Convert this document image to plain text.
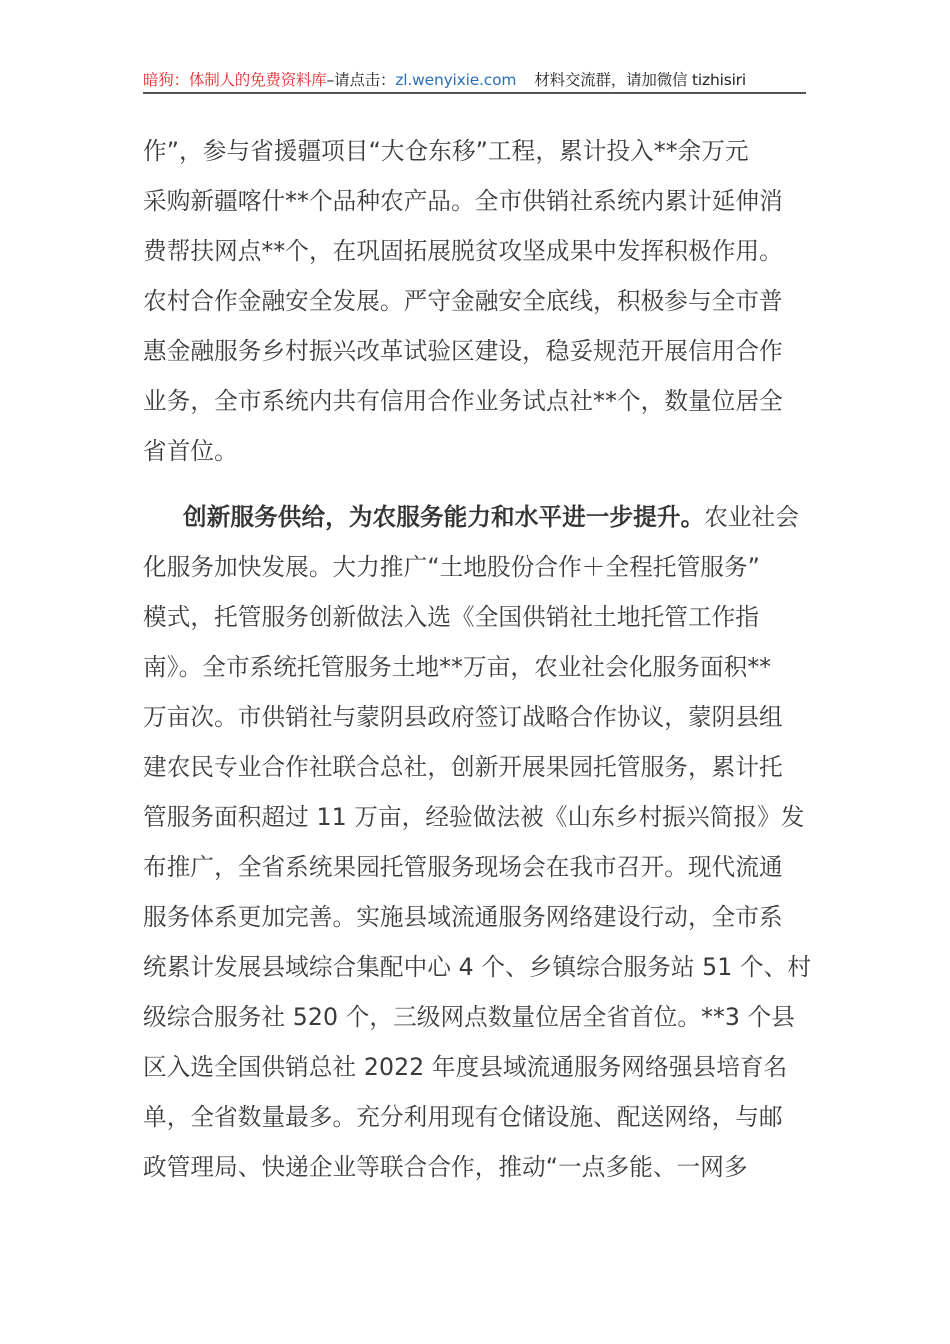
暗狗：体制人的免费资料库–请点击：zl.wenyixie.com 材料交流群，请加微信 tizhisiri
作”，参与省援疆项目“大仓东移”工程，累计投入**余万元
采购新疆喀什**个品种农产品。全市供销社系统内累计延伸消
费帮扶网点**个，在巩固拓展脱贫攻坚成果中发挥积极作用。
农村合作金融安全发展。严守金融安全底线，积极参与全市普
惠金融服务乡村振兴改革试验区建设，稳妥规范开展信用合作
业务，全市系统内共有信用合作业务试点社**个，数量位居全
省首位。
创新服务供给，为农服务能力和水平进一步提升。农业社会
化服务加快发展。大力推广“土地股份合作＋全程托管服务”
模式，托管服务创新做法入选《全国供销社土地托管工作指
南》。全市系统托管服务土地**万亩，农业社会化服务面积**
万亩次。市供销社与蒙阴县政府签订战略合作协议，蒙阴县组
建农民专业合作社联合总社，创新开展果园托管服务，累计托
管服务面积超过 11 万亩，经验做法被《山东乡村振兴简报》发
布推广，全省系统果园托管服务现场会在我市召开。现代流通
服务体系更加完善。实施县域流通服务网络建设行动，全市系
统累计发展县域综合集配中心 4 个、乡镇综合服务站 51 个、村
级综合服务社 520 个，三级网点数量位居全省首位。**3 个县
区入选全国供销总社 2022 年度县域流通服务网络强县培育名
单，全省数量最多。充分利用现有仓储设施、配送网络，与邮
政管理局、快递企业等联合合作，推动“一点多能、一网多
